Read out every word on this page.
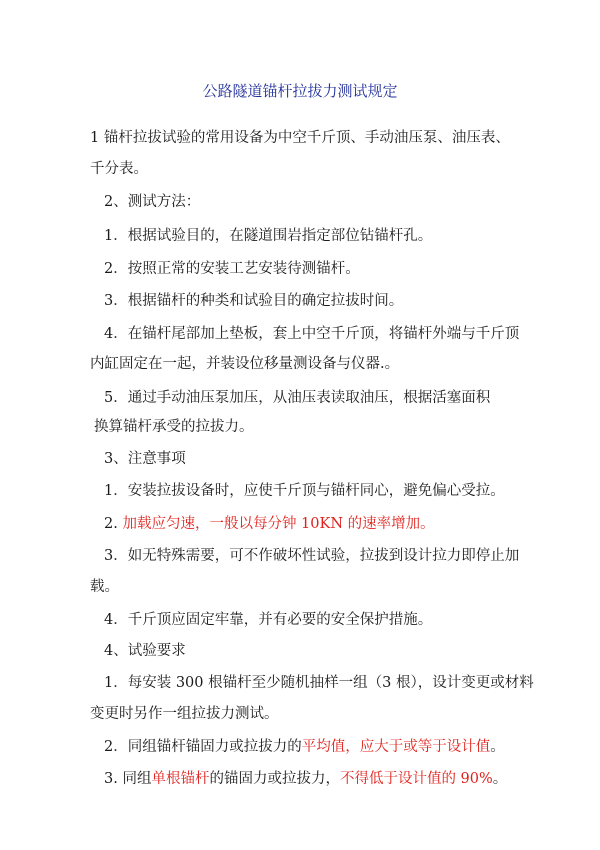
公路隧道锚杆拉拔力测试规定
1 锚杆拉拔试验的常用设备为中空千斤顶、手动油压泵、油压表、
千分表。
2、测试方法：
1．根据试验目的，在隧道围岩指定部位钻锚杆孔。
2．按照正常的安装工艺安装待测锚杆。
3．根据锚杆的种类和试验目的确定拉拔时间。
4．在锚杆尾部加上垫板，套上中空千斤顶，将锚杆外端与千斤顶
内缸固定在一起，并装设位移量测设备与仪器.。
5．通过手动油压泵加压，从油压表读取油压，根据活塞面积
换算锚杆承受的拉拔力。
3、注意事项
1．安装拉拔设备时，应使千斤顶与锚杆同心，避免偏心受拉。
2. 加载应匀速，一般以每分钟 10KN 的速率增加。
3．如无特殊需要，可不作破坏性试验，拉拔到设计拉力即停止加
载。
4．千斤顶应固定牢靠，并有必要的安全保护措施。
4、试验要求
1．每安装 300 根锚杆至少随机抽样一组（3 根），设计变更或材料
变更时另作一组拉拔力测试。
2．同组锚杆锚固力或拉拔力的平均值，应大于或等于设计值。
3. 同组单根锚杆的锚固力或拉拔力，不得低于设计值的 90%。
